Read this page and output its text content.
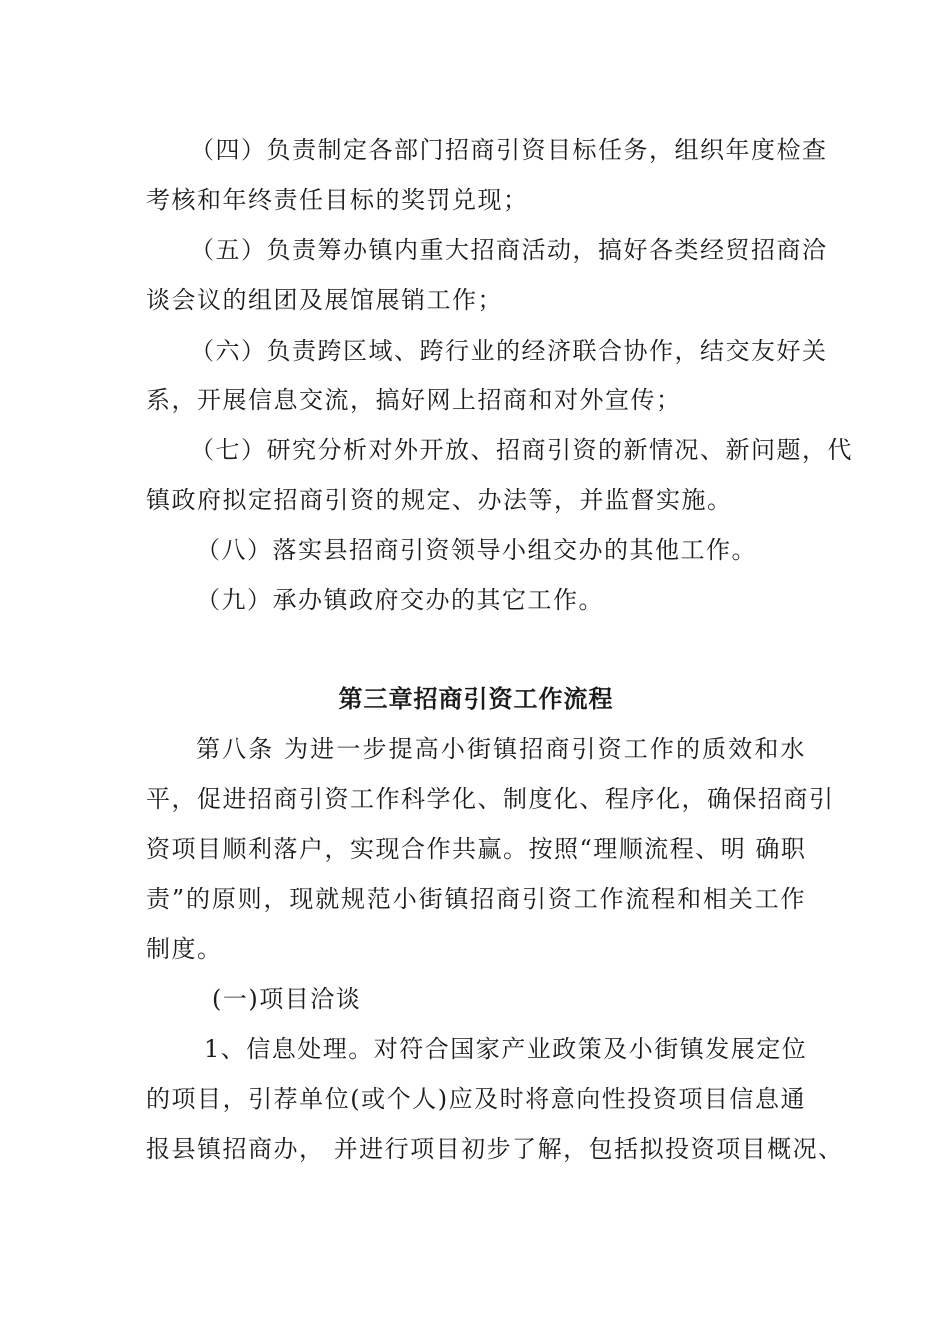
（四）负责制定各部门招商引资目标任务，组织年度检查
考核和年终责任目标的奖罚兑现；
（五）负责筹办镇内重大招商活动，搞好各类经贸招商洽
谈会议的组团及展馆展销工作；
（六）负责跨区域、跨行业的经济联合协作，结交友好关
系，开展信息交流，搞好网上招商和对外宣传；
（七）研究分析对外开放、招商引资的新情况、新问题，代
镇政府拟定招商引资的规定、办法等，并监督实施。
（八）落实县招商引资领导小组交办的其他工作。
（九）承办镇政府交办的其它工作。
第三章招商引资工作流程
第八条 为进一步提高小街镇招商引资工作的质效和水
平，促进招商引资工作科学化、制度化、程序化，确保招商引
资项目顺利落户，实现合作共赢。按照“理顺流程、明 确职
责”的原则，现就规范小街镇招商引资工作流程和相关工作
制度。
(一)项目洽谈
1、信息处理。对符合国家产业政策及小街镇发展定位
的项目，引荐单位(或个人)应及时将意向性投资项目信息通
报县镇招商办， 并进行项目初步了解，包括拟投资项目概况、
